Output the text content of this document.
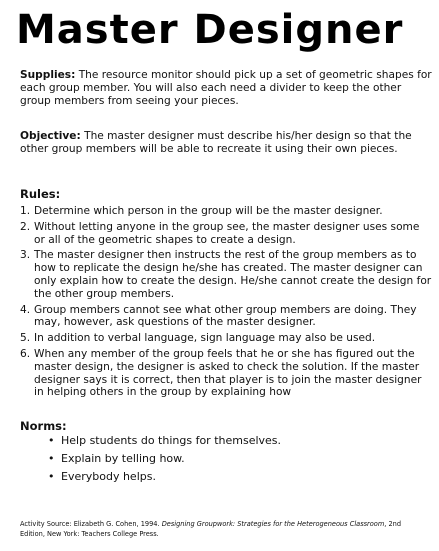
Master Designer
Supplies: The resource monitor should pick up a set of geometric shapes for each group member. You will also each need a divider to keep the other group members from seeing your pieces.
Objective: The master designer must describe his/her design so that the other group members will be able to recreate it using their own pieces.
Rules:
1. Determine which person in the group will be the master designer.
2. Without letting anyone in the group see, the master designer uses some or all of the geometric shapes to create a design.
3. The master designer then instructs the rest of the group members as to how to replicate the design he/she has created. The master designer can only explain how to create the design. He/she cannot create the design for the other group members.
4. Group members cannot see what other group members are doing. They may, however, ask questions of the master designer.
5. In addition to verbal language, sign language may also be used.
6. When any member of the group feels that he or she has figured out the master design, the designer is asked to check the solution. If the master designer says it is correct, then that player is to join the master designer in helping others in the group by explaining how
Norms:
• Help students do things for themselves.
• Explain by telling how.
• Everybody helps.
Activity Source: Elizabeth G. Cohen, 1994. Designing Groupwork: Strategies for the Heterogeneous Classroom, 2nd Edition, New York: Teachers College Press.
